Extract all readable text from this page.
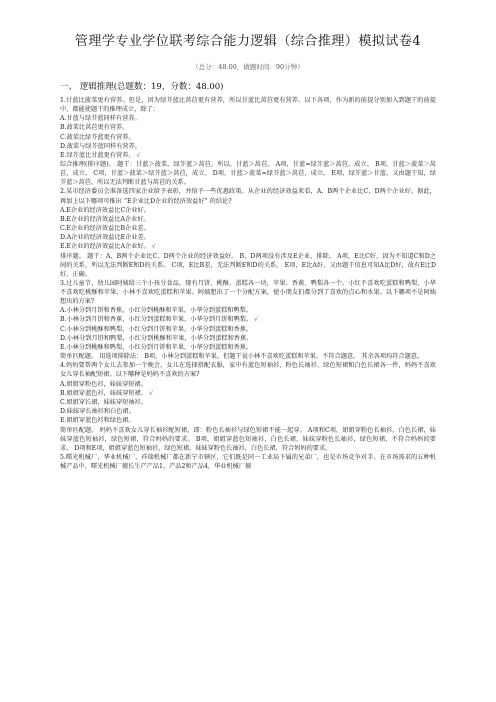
管理学专业学位联考综合能力逻辑（综合推理）模拟试卷4
（总分：48.00，做题时间：90分钟）
一、 逻辑推理(总题数：19，分数：48.00)
1.甘蓝比菠菜更有营养。但是，因为绿芥蓝比莴苣更有营养，所以甘蓝比莴苣更有营养。以下各项，作为新的前提分别加入到题干的前提中，都能使题干的推理成立，除了：
A.甘蓝与绿芥蓝同样有营养。
B.菠菜比莴苣更有营养。
C.菠菜比绿芥蓝更有营养。
D.菠菜与绿芥蓝同样有营养。
E.绿芥蓝比甘蓝更有营养。 √
综合推理(排序题)。 题干：甘蓝＞菠菜，绿芥蓝＞莴苣，所以，甘蓝＞莴苣。 A项，甘蓝=绿芥蓝＞莴苣，成立。 B项，甘蓝＞菠菜＞莴苣，成立。 C项，甘蓝＞菠菜＞绿芥蓝＞莴苣，成立。 D项，甘蓝＞菠菜=绿芥蓝＞莴苣，成立。 E项，绿芥蓝＞甘蓝，又由题干知，绿芥蓝＞莴苣，所以无法判断甘蓝与莴苣的关系。
2.某市经济委员会准备选四家企业给予表彰，并给予一些优惠政策。从企业的经济效益来看，A、B两个企业比C、D两个企业好。据此，再加上以下哪项可推出 “E企业比D企业的经济效益好” 的结论?
A.E企业的经济效益比C企业好。
B.E企业的经济效益比A企业好。
C.E企业的经济效益比B企业差。
D.A企业的经济效益比E企业差。
E.E企业的经济效益比A企业好。 √
排序题。 题干：A、B两个企业比C、D两个企业的经济效益好。 B、D两项没有涉及E企业，排除。 A项，E比C好，因为不知道C和D之间的关系，所以无法判断E和D的关系。 C项，E比B差，无法判断E和D的关系。 E项，E比A好，又由题干信息可知A比D好，故有E比D好，正确。
3.过儿童节，幼儿园阿姨给三个小孩分食品，现有月饼、桃酥、蛋糕各一块，苹果、香蕉、鸭梨各一个。小红不喜欢吃蛋糕和鸭梨，小华不喜欢吃桃酥和苹果，小林不喜欢吃蛋糕和苹果。阿姨想出了一个分配方案，使小朋友们都分到了喜欢的点心和水果。以下哪项不是阿姨想出的方案?
A.小林分到月饼和香蕉，小红分到桃酥和苹果，小华分到蛋糕和鸭梨。
B.小林分到月饼和香蕉，小红分到蛋糕和苹果，小华分到月饼和鸭梨。 √
C.小林分到桃酥和鸭梨，小红分到月饼和苹果，小华分到蛋糕和香蕉。
D.小林分到月饼和鸭梨，小红分到桃酥和苹果，小华分到蛋糕和香蕉。
E.小林分到桃酥和鸭梨，小红分到月饼和苹果，小华分到蛋糕和香蕉。
简单匹配题。 用选项排除法： B项，小林分到蛋糕和苹果，但题干说小林不喜欢吃蛋糕和苹果，不符合题意。 其余各项均符合题意。
4.妈妈要帮两个女儿去参加一个晚会，女儿在选择搭配衣服，家中有蓝色短袖衫、粉色长袖衫、绿色短裙和白色长裙各一件，妈妈不喜欢女儿穿长袖配短裙。以下哪种是妈妈不喜欢的方案?
A.姐姐穿粉色衫，妹妹穿短裙。
B.姐姐穿蓝色衫，妹妹穿短裙。 √
C.姐姐穿长裙，妹妹穿短袖衫。
D.妹妹穿长袖衫和白色裙。
E.姐姐穿蓝色衫和绿色裙。
简单匹配题。 妈妈不喜欢女儿穿长袖衫配短裙，即：粉色长袖衫与绿色短裙不能一起穿。 A项和C项，姐姐穿粉色长袖衫，白色长裙，妹妹穿蓝色短袖衫，绿色短裙，符合妈妈的要求。 B项，姐姐穿蓝色短袖衫，白色长裙，妹妹穿粉色长袖衫，绿色短裙，不符合妈妈的要求。 D项和E项，姐姐穿蓝色短袖衫，绿色短裙，妹妹穿粉色长袖衫，白色长裙，符合妈妈的要求。
5.曙光机械厂、华业机械厂、祥瑞机械厂都在新宁市辖区，它们既是同一工业局下属的兄弟厂，也是市场竞争对手。在市场需求的五种机械产品中，曙光机械厂擅长生产产品1、产品2和产品4，华业机械厂擅
